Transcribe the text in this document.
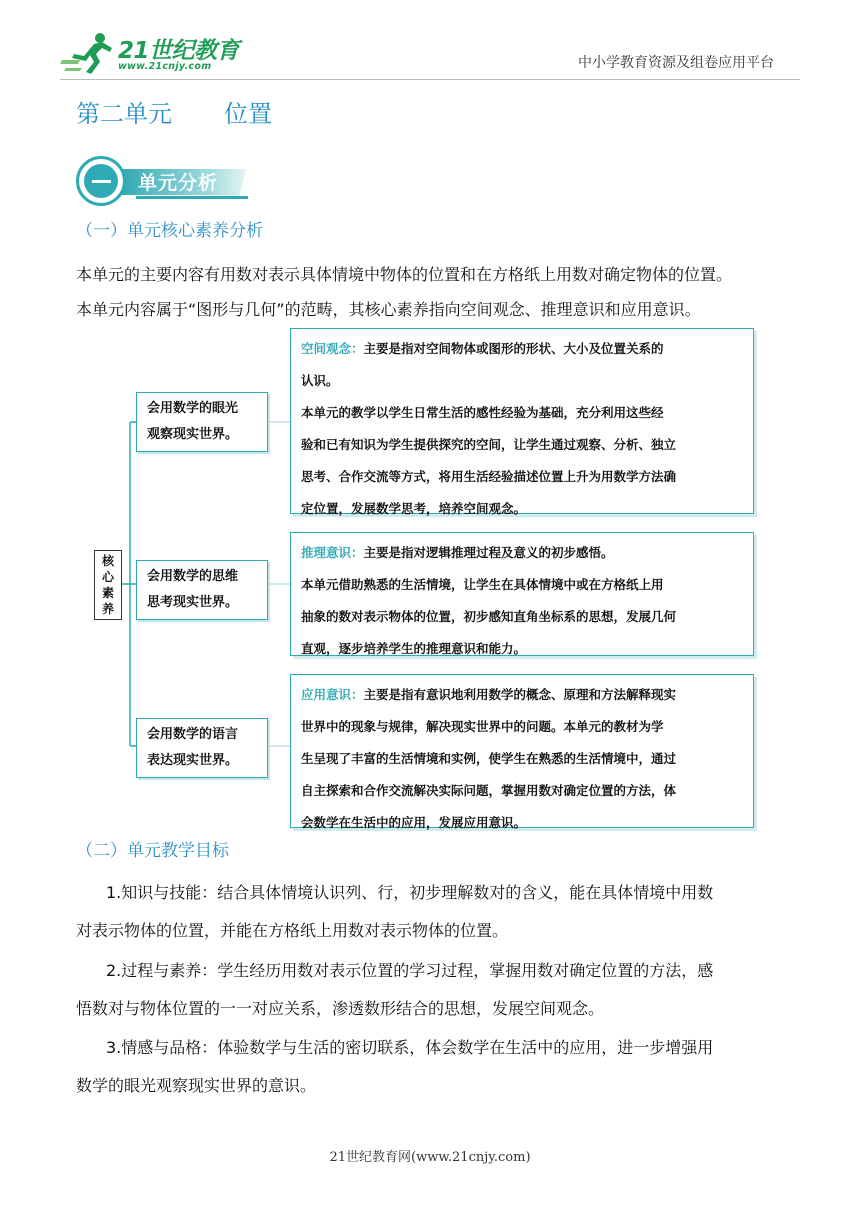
21世纪教育
www.21cnjy.com	中小学教育资源及组卷应用平台
第二单元 位置
单元分析
（一）单元核心素养分析
本单元的主要内容有用数对表示具体情境中物体的位置和在方格纸上用数对确定物体的位置。
本单元内容属于“图形与几何”的范畴，其核心素养指向空间观念、推理意识和应用意识。
核
心
素
养
会用数学的眼光
观察现实世界。
会用数学的思维
思考现实世界。
会用数学的语言
表达现实世界。
空间观念：主要是指对空间物体或图形的形状、大小及位置关系的
认识。
本单元的教学以学生日常生活的感性经验为基础，充分利用这些经
验和已有知识为学生提供探究的空间，让学生通过观察、分析、独立
思考、合作交流等方式，将用生活经验描述位置上升为用数学方法确
定位置，发展数学思考，培养空间观念。
推理意识：主要是指对逻辑推理过程及意义的初步感悟。
本单元借助熟悉的生活情境，让学生在具体情境中或在方格纸上用
抽象的数对表示物体的位置，初步感知直角坐标系的思想，发展几何
直观，逐步培养学生的推理意识和能力。
应用意识：主要是指有意识地利用数学的概念、原理和方法解释现实
世界中的现象与规律，解决现实世界中的问题。本单元的教材为学
生呈现了丰富的生活情境和实例，使学生在熟悉的生活情境中，通过
自主探索和合作交流解决实际问题，掌握用数对确定位置的方法，体
会数学在生活中的应用，发展应用意识。
（二）单元教学目标
1.知识与技能：结合具体情境认识列、行，初步理解数对的含义，能在具体情境中用数
对表示物体的位置，并能在方格纸上用数对表示物体的位置。
2.过程与素养：学生经历用数对表示位置的学习过程，掌握用数对确定位置的方法，感
悟数对与物体位置的一一对应关系，渗透数形结合的思想，发展空间观念。
3.情感与品格：体验数学与生活的密切联系，体会数学在生活中的应用，进一步增强用
数学的眼光观察现实世界的意识。
21世纪教育网(www.21cnjy.com)
